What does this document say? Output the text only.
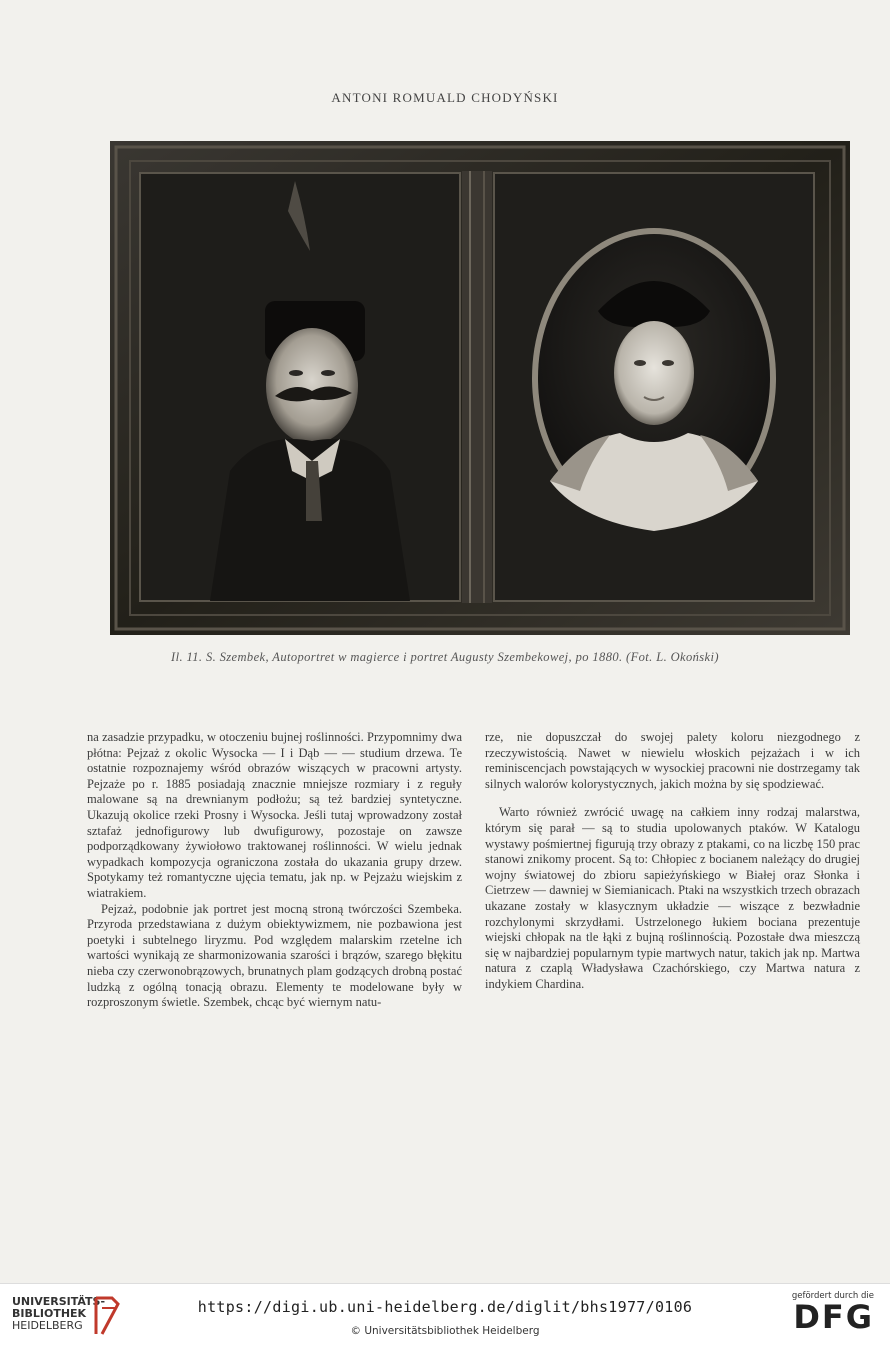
ANTONI ROMUALD CHODYŃSKI
Il. 11. S. Szembek, Autoportret w magierce i portret Augusty Szembekowej, po 1880. (Fot. L. Okoński)

na zasadzie przypadku, w otoczeniu bujnej roślinności. Przypomnimy dwa płótna: Pejzaż z okolic Wysocka — I i Dąb — — studium drzewa. Te ostatnie rozpoznajemy wśród obrazów wiszących w pracowni artysty. Pejzaże po r. 1885 posiadają znacznie mniejsze rozmiary i z reguły malowane są na drewnianym podłożu; są też bardziej syntetyczne. Ukazują okolice rzeki Prosny i Wysocka. Jeśli tutaj wprowadzony został sztafaż jednofigurowy lub dwufigurowy, pozostaje on zawsze podporządkowany żywiołowo traktowanej roślinności. W wielu jednak wypadkach kompozycja ograniczona została do ukazania grupy drzew. Spotykamy też romantyczne ujęcia tematu, jak np. w Pejzażu wiejskim z wiatrakiem.

Pejzaż, podobnie jak portret jest mocną stroną twórczości Szembeka. Przyroda przedstawiana z dużym obiektywizmem, nie pozbawiona jest poetyki i subtelnego liryzmu. Pod względem malarskim rzetelne ich wartości wynikają ze sharmonizowania szarości i brązów, szarego błękitu nieba czy czerwonobrązowych, brunatnych plam godzących drobną postać ludzką z ogólną tonacją obrazu. Elementy te modelowane były w rozproszonym świetle. Szembek, chcąc być wiernym natu-

rze, nie dopuszczał do swojej palety koloru niezgodnego z rzeczywistością. Nawet w niewielu włoskich pejzażach i w ich reminiscencjach powstających w wysockiej pracowni nie dostrzegamy tak silnych walorów kolorystycznych, jakich można by się spodziewać.

Warto również zwrócić uwagę na całkiem inny rodzaj malarstwa, którym się parał — są to studia upolowanych ptaków. W Katalogu wystawy pośmiertnej figurują trzy obrazy z ptakami, co na liczbę 150 prac stanowi znikomy procent. Są to: Chłopiec z bocianem należący do drugiej wojny światowej do zbioru sapieżyńskiego w Białej oraz Słonka i Cietrzew — dawniej w Siemianicach. Ptaki na wszystkich trzech obrazach ukazane zostały w klasycznym układzie — wiszące z bezwładnie rozchylonymi skrzydłami. Ustrzelonego łukiem bociana prezentuje wiejski chłopak na tle łąki z bujną roślinnością. Pozostałe dwa mieszczą się w najbardziej popularnym typie martwych natur, takich jak np. Martwa natura z czaplą Władysława Czachórskiego, czy Martwa natura z indykiem Chardina.

UNIVERSITÄTS-
BIBLIOTHEK
HEIDELBERG
https://digi.ub.uni-heidelberg.de/diglit/bhs1977/0106
© Universitätsbibliothek Heidelberg
gefördert durch die
DFG
